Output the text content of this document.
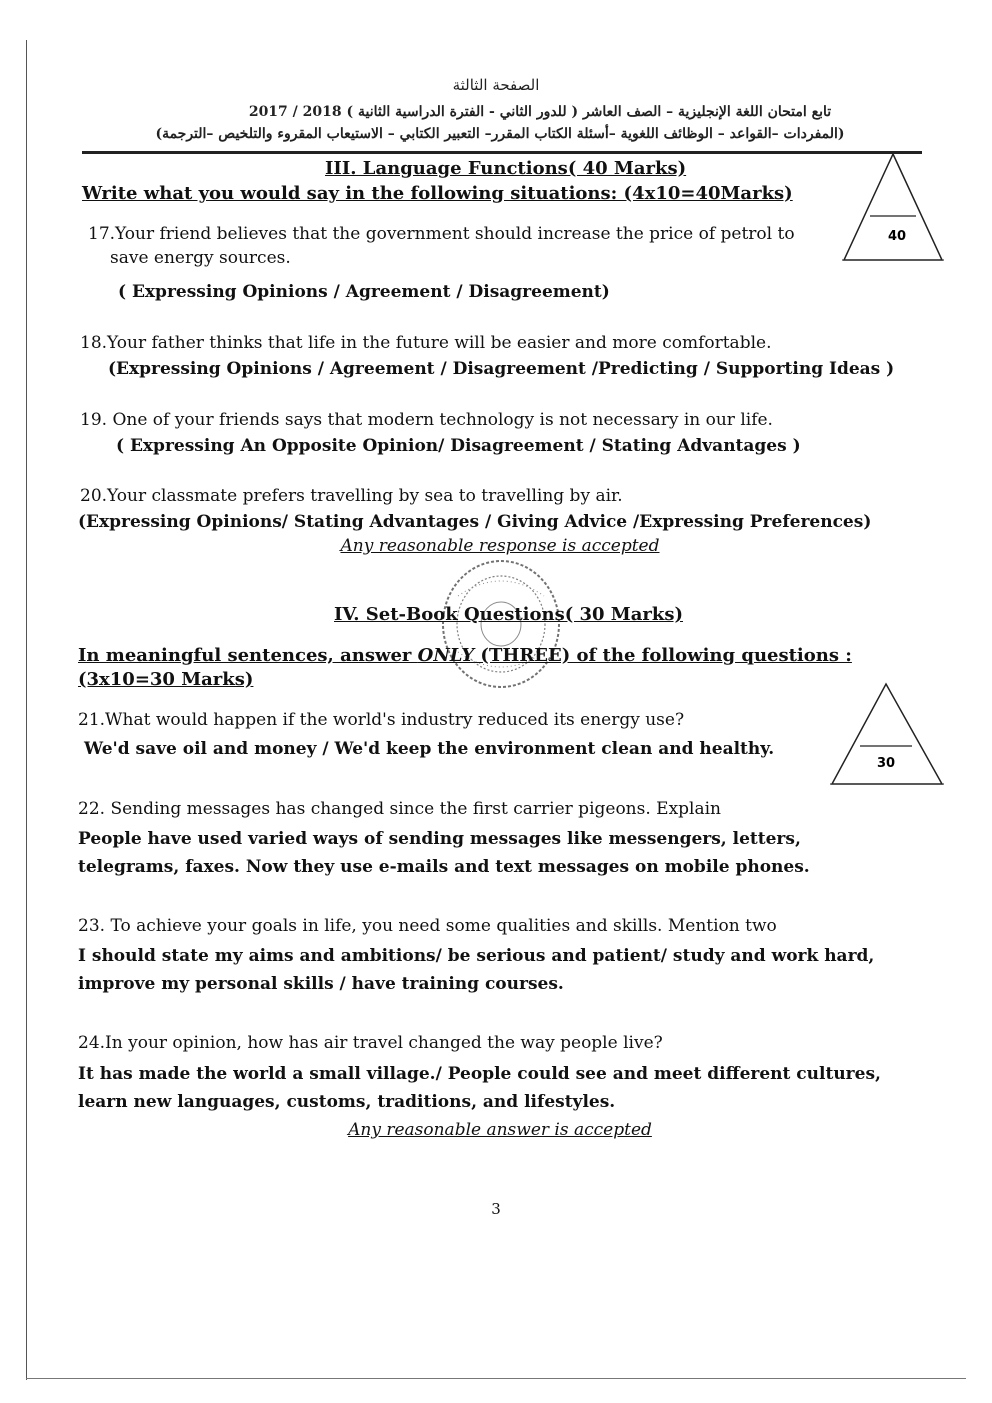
الصفحة الثالثة
تابع امتحان اللغة الإنجليزية – الصف العاشر ( للدور الثاني - الفترة الدراسية الثانية ) 2018 / 2017
(المفردات –القواعد – الوظائف اللغوية –أسئلة الكتاب المقرر– التعبير الكتابي – الاستيعاب المقروء والتلخيص –الترجمة)
III. Language Functions( 40 Marks)
Write what you would say in the following situations: (4x10=40Marks)
40
17.Your friend believes that the government should increase the price of petrol to
save energy sources.
( Expressing Opinions / Agreement / Disagreement)
18.Your father thinks that life in the future will be easier and more comfortable.
(Expressing Opinions / Agreement / Disagreement /Predicting / Supporting Ideas )
19. One of your friends says that modern technology is not necessary in our life.
( Expressing An Opposite Opinion/ Disagreement / Stating Advantages )
20.Your classmate prefers travelling by sea to travelling by air.
(Expressing Opinions/ Stating Advantages / Giving Advice /Expressing Preferences)
Any reasonable response is accepted
IV. Set-Book Questions( 30 Marks)
In meaningful sentences, answer ONLY (THREE) of the following questions :(3x10=30 Marks)
30
21.What would happen if the world's industry reduced its energy use?
We'd save oil and money / We'd keep the environment clean and healthy.
22. Sending messages has changed since the first carrier pigeons. Explain
People have used varied ways of sending messages like messengers, letters, telegrams, faxes. Now they use e-mails and text messages on mobile phones.
23. To achieve your goals in life, you need some qualities and skills. Mention two
I should state my aims and ambitions/ be serious and patient/ study and work hard, improve my personal skills / have training courses.
24.In your opinion, how has air travel changed the way people live?
It has made the world a small village./ People could see and meet different cultures, learn new languages, customs, traditions, and lifestyles.
Any reasonable answer is accepted
3
